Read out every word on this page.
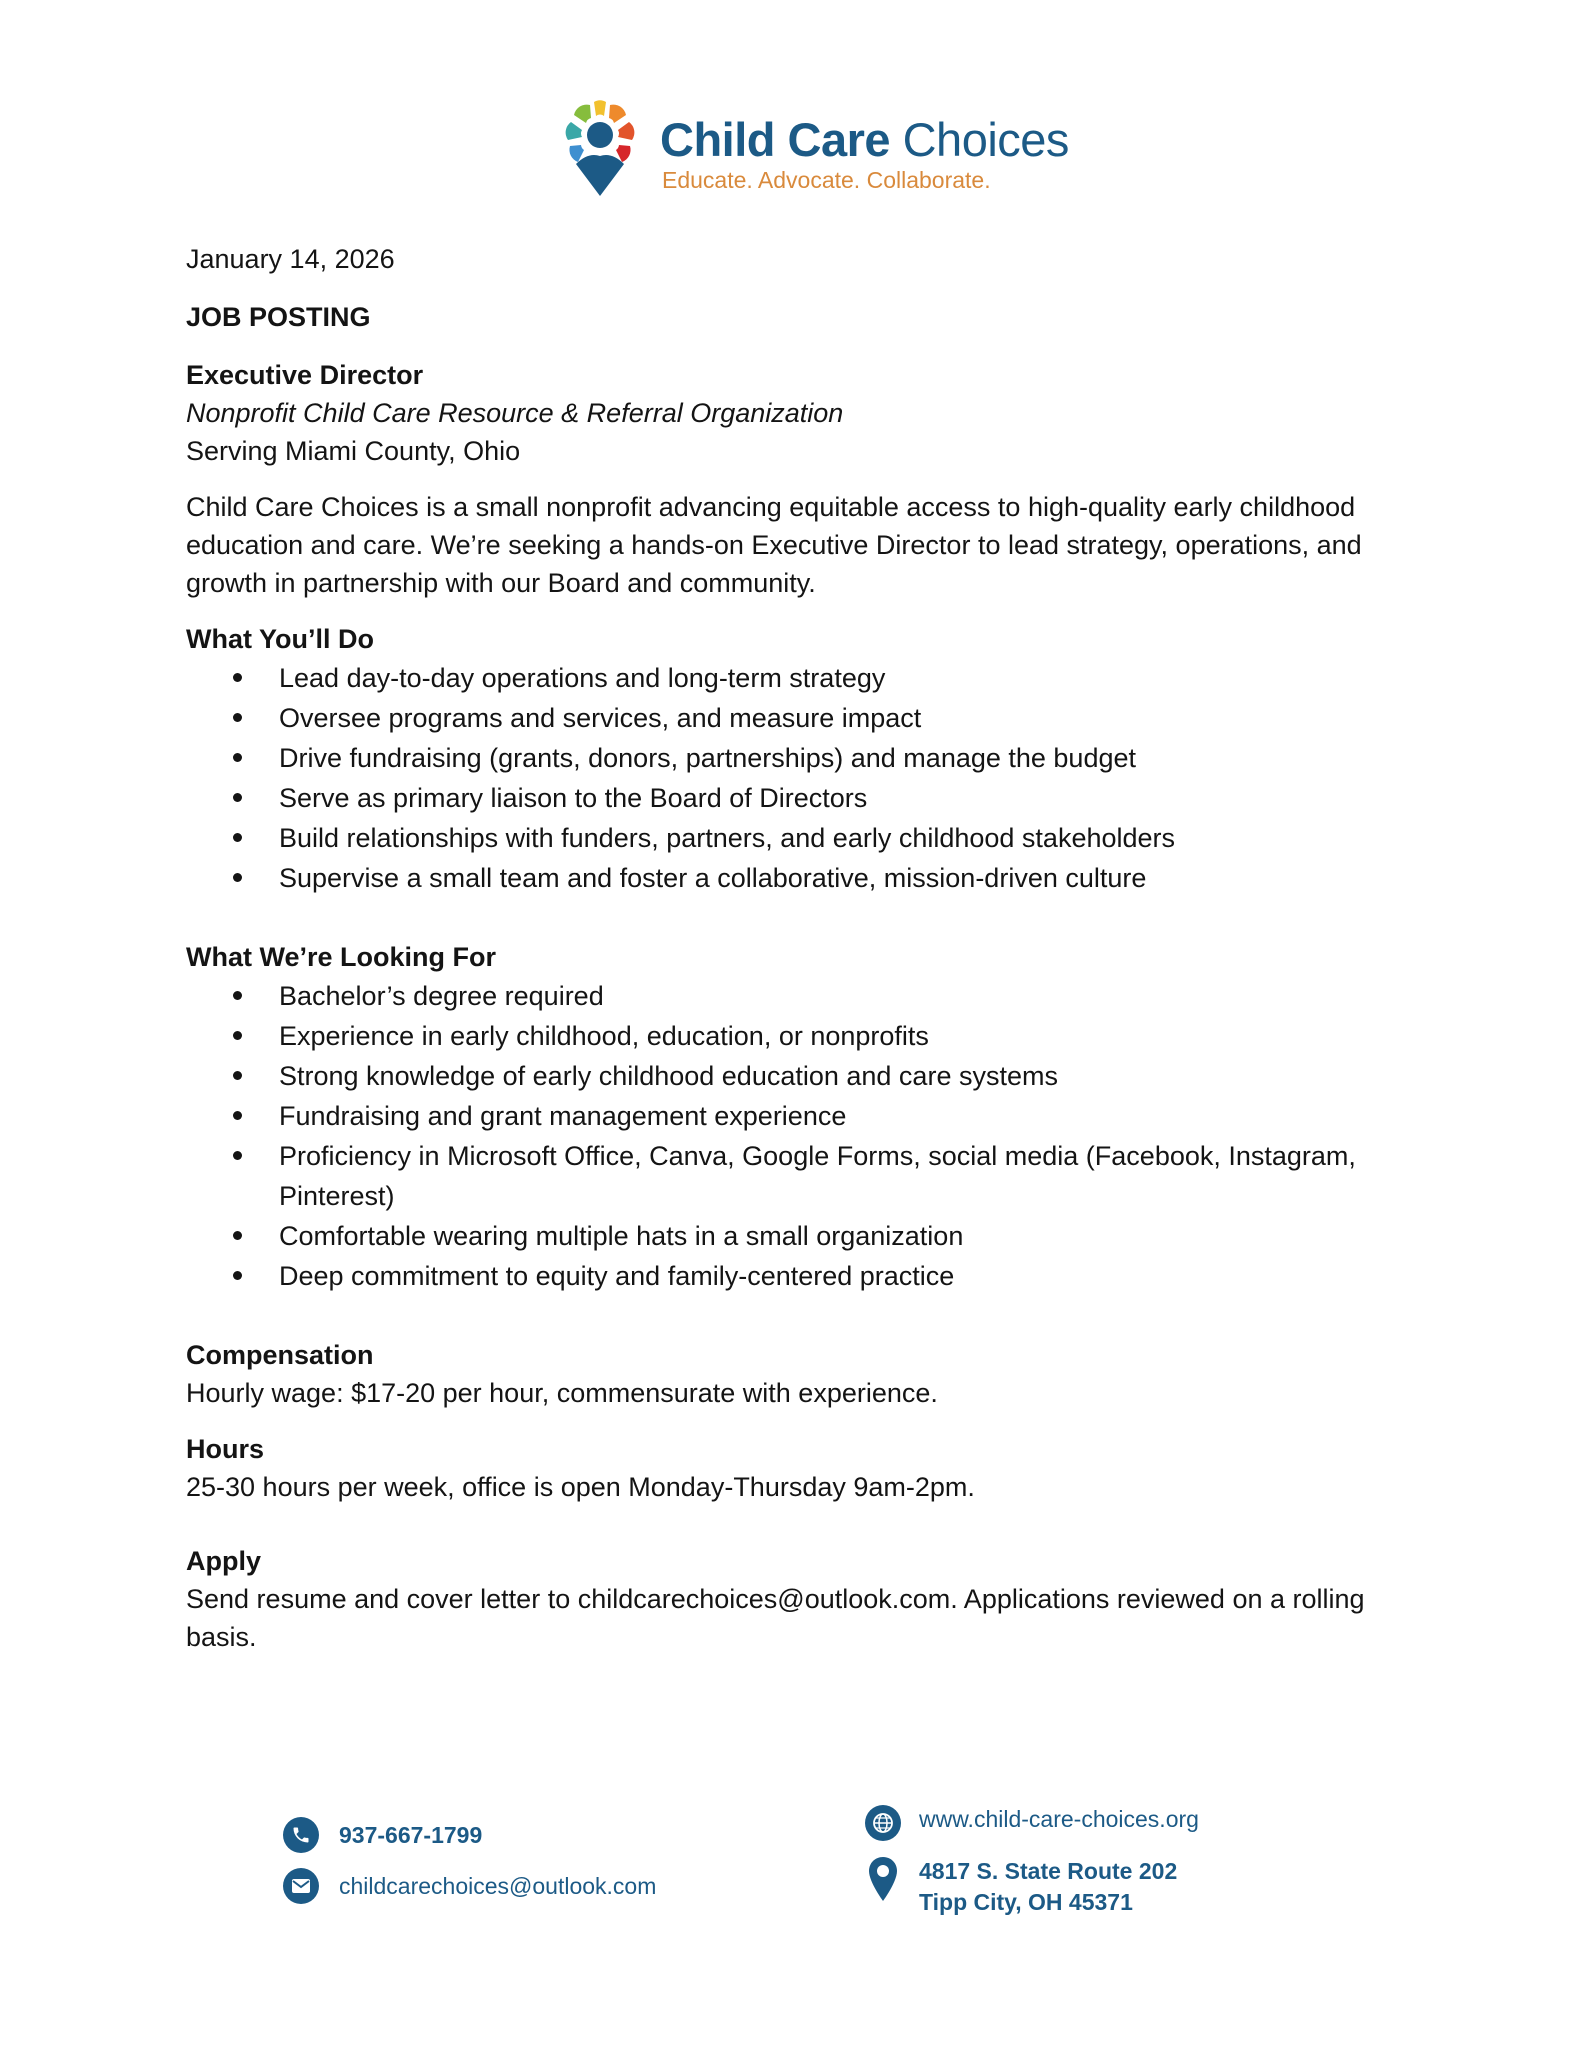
Child Care Choices
Educate. Advocate. Collaborate.

January 14, 2026

JOB POSTING

Executive Director

Nonprofit Child Care Resource & Referral Organization

Serving Miami County, Ohio

Child Care Choices is a small nonprofit advancing equitable access to high-quality early childhood education and care. We’re seeking a hands-on Executive Director to lead strategy, operations, and growth in partnership with our Board and community.

What You’ll Do

Lead day-to-day operations and long-term strategy
Oversee programs and services, and measure impact
Drive fundraising (grants, donors, partnerships) and manage the budget
Serve as primary liaison to the Board of Directors
Build relationships with funders, partners, and early childhood stakeholders
Supervise a small team and foster a collaborative, mission-driven culture

What We’re Looking For

Bachelor’s degree required
Experience in early childhood, education, or nonprofits
Strong knowledge of early childhood education and care systems
Fundraising and grant management experience
Proficiency in Microsoft Office, Canva, Google Forms, social media (Facebook, Instagram, Pinterest)
Comfortable wearing multiple hats in a small organization
Deep commitment to equity and family-centered practice

Compensation

Hourly wage: $17-20 per hour, commensurate with experience.

Hours

25-30 hours per week, office is open Monday-Thursday 9am-2pm.

Apply

Send resume and cover letter to childcarechoices@outlook.com. Applications reviewed on a rolling basis.

937-667-1799
childcarechoices@outlook.com
www.child-care-choices.org
4817 S. State Route 202
Tipp City, OH 45371
